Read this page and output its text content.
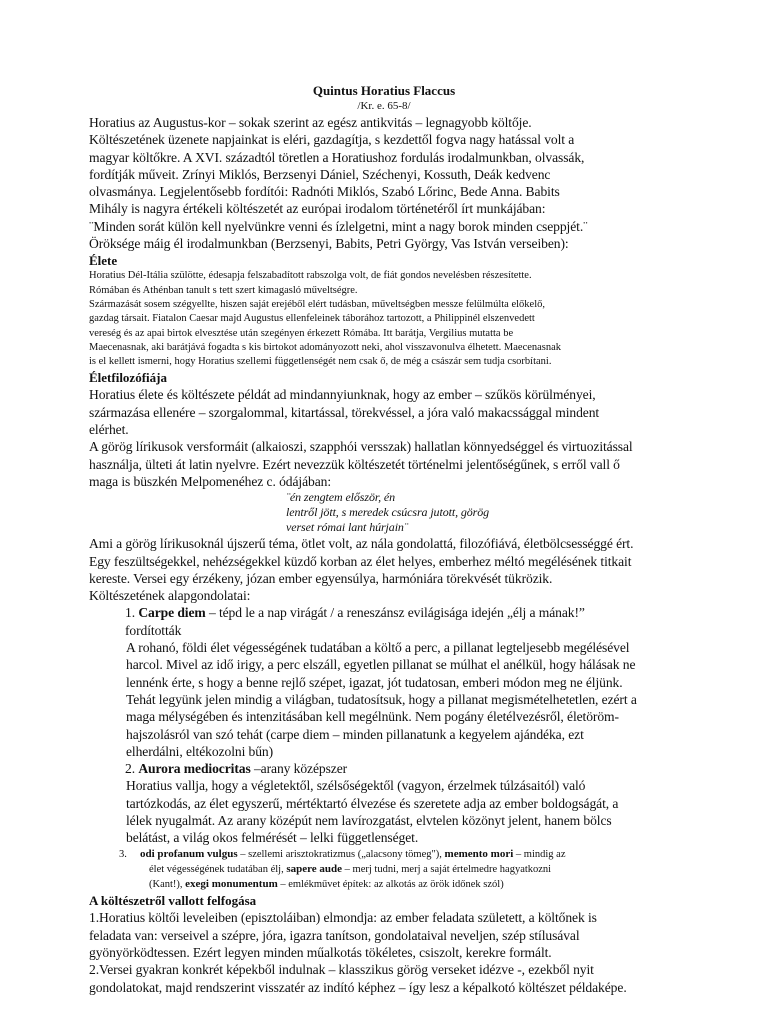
Quintus Horatius Flaccus

/Kr. e. 65-8/

Horatius az Augustus-kor – sokak szerint az egész antikvitás – legnagyobb költője.

Költészetének üzenete napjainkat is eléri, gazdagítja, s kezdettől fogva nagy hatással volt a

magyar költőkre. A XVI. századtól töretlen a Horatiushoz fordulás irodalmunkban, olvassák,

fordítják műveit. Zrínyi Miklós, Berzsenyi Dániel, Széchenyi, Kossuth, Deák kedvenc

olvasmánya. Legjelentősebb fordítói: Radnóti Miklós, Szabó Lőrinc, Bede Anna. Babits

Mihály is nagyra értékeli költészetét az európai irodalom történetéről írt munkájában:

¨Minden sorát külön kell nyelvünkre venni és ízlelgetni, mint a nagy borok minden cseppjét.¨

Öröksége máig él irodalmunkban (Berzsenyi, Babits, Petri György, Vas István verseiben):

Élete

Horatius Dél-Itália szülötte, édesapja felszabadított rabszolga volt, de fiát gondos nevelésben részesítette.

Rómában és Athénban tanult s tett szert kimagasló műveltségre.

Származását sosem szégyellte, hiszen saját erejéből elért tudásban, műveltségben messze felülmúlta előkelő,

gazdag társait. Fiatalon Caesar majd Augustus ellenfeleinek táborához tartozott, a Philippinél elszenvedett

vereség és az apai birtok elvesztése után szegényen érkezett Rómába. Itt barátja, Vergilius mutatta be

Maecenasnak, aki barátjává fogadta s kis birtokot adományozott neki, ahol visszavonulva élhetett. Maecenasnak

is el kellett ismerni, hogy Horatius szellemi függetlenségét nem csak ő, de még a császár sem tudja csorbítani.

Életfilozófiája

Horatius élete és költészete példát ad mindannyiunknak, hogy az ember – szűkös körülményei,

származása ellenére – szorgalommal, kitartással, törekvéssel, a jóra való makacssággal mindent

elérhet.

A görög lírikusok versformáit (alkaioszi, szapphói versszak) hallatlan könnyedséggel és virtuozitással

használja, ülteti át latin nyelvre. Ezért nevezzük költészetét történelmi jelentőségűnek, s erről vall ő

maga is büszkén Melpomenéhez c. ódájában:

¨én zengtem először, én

lentről jött, s meredek csúcsra jutott, görög

verset római lant húrjain¨

Ami a görög lírikusoknál újszerű téma, ötlet volt, az nála gondolattá, filozófiává, életbölcsességgé ért.

Egy feszültségekkel, nehézségekkel küzdő korban az élet helyes, emberhez méltó megélésének titkait

kereste. Versei egy érzékeny, józan ember egyensúlya, harmóniára törekvését tükrözik.

Költészetének alapgondolatai:

1. Carpe diem – tépd le a nap virágát / a reneszánsz evilágisága idején „élj a mának!”

fordították

A rohanó, földi élet végességének tudatában a költő a perc, a pillanat legteljesebb megélésével

harcol. Mivel az idő irigy, a perc elszáll, egyetlen pillanat se múlhat el anélkül, hogy hálásak ne

lennénk érte, s hogy a benne rejlő szépet, igazat, jót tudatosan, emberi módon meg ne éljünk.

Tehát legyünk jelen mindig a világban, tudatosítsuk, hogy a pillanat megismételhetetlen, ezért a

maga mélységében és intenzitásában kell megélnünk. Nem pogány életélvezésről, életöröm-

hajszolásról van szó tehát (carpe diem – minden pillanatunk a kegyelem ajándéka, ezt

elherdálni, eltékozolni bűn)

2. Aurora mediocritas –arany középszer

Horatius vallja, hogy a végletektől, szélsőségektől (vagyon, érzelmek túlzásaitól) való

tartózkodás, az élet egyszerű, mértéktartó élvezése és szeretete adja az ember boldogságát, a

lélek nyugalmát. Az arany középút nem lavírozgatást, elvtelen közönyt jelent, hanem bölcs

belátást, a világ okos felmérését – lelki függetlenséget.

3. odi profanum vulgus – szellemi arisztokratizmus („alacsony tömeg"), memento mori – mindig az

élet végességének tudatában élj, sapere aude – merj tudni, merj a saját értelmedre hagyatkozni

(Kant!), exegi monumentum – emlékművet építek: az alkotás az örök időnek szól)

A költészetről vallott felfogása

1.Horatius költői leveleiben (episztoláiban) elmondja: az ember feladata született, a költőnek is

feladata van: verseivel a szépre, jóra, igazra tanítson, gondolataival neveljen, szép stílusával

gyönyörködtessen. Ezért legyen minden műalkotás tökéletes, csiszolt, kerekre formált.

2.Versei gyakran konkrét képekből indulnak – klasszikus görög verseket idézve -, ezekből nyit

gondolatokat, majd rendszerint visszatér az indító képhez – így lesz a képalkotó költészet példaképe.
